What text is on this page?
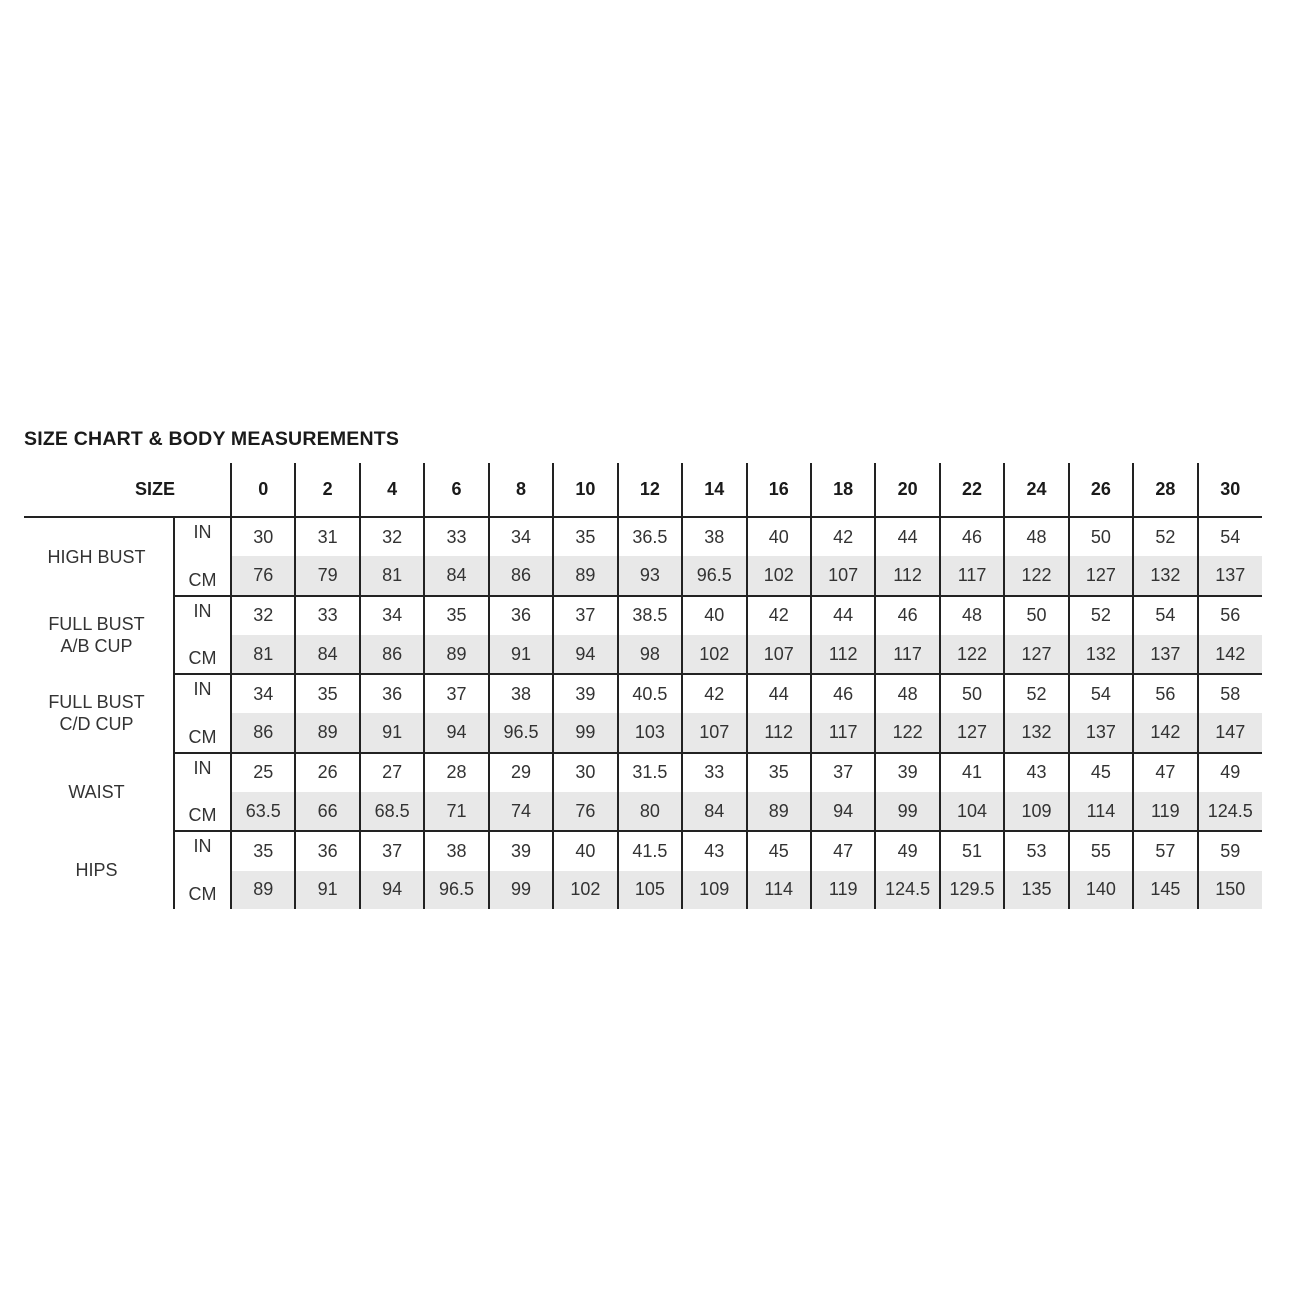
SIZE CHART & BODY MEASUREMENTS
SIZE		0	2	4	6	8	10	12	14	16	18	20	22	24	26	28	30

HIGH BUST	IN	30	31	32	33	34	35	36.5	38	40	42	44	46	48	50	52	54
	CM	76	79	81	84	86	89	93	96.5	102	107	112	117	122	127	132	137

FULL BUST
A/B CUP	IN	32	33	34	35	36	37	38.5	40	42	44	46	48	50	52	54	56
	CM	81	84	86	89	91	94	98	102	107	112	117	122	127	132	137	142

FULL BUST
C/D CUP	IN	34	35	36	37	38	39	40.5	42	44	46	48	50	52	54	56	58
	CM	86	89	91	94	96.5	99	103	107	112	117	122	127	132	137	142	147

WAIST	IN	25	26	27	28	29	30	31.5	33	35	37	39	41	43	45	47	49
	CM	63.5	66	68.5	71	74	76	80	84	89	94	99	104	109	114	119	124.5

HIPS	IN	35	36	37	38	39	40	41.5	43	45	47	49	51	53	55	57	59
	CM	89	91	94	96.5	99	102	105	109	114	119	124.5	129.5	135	140	145	150
